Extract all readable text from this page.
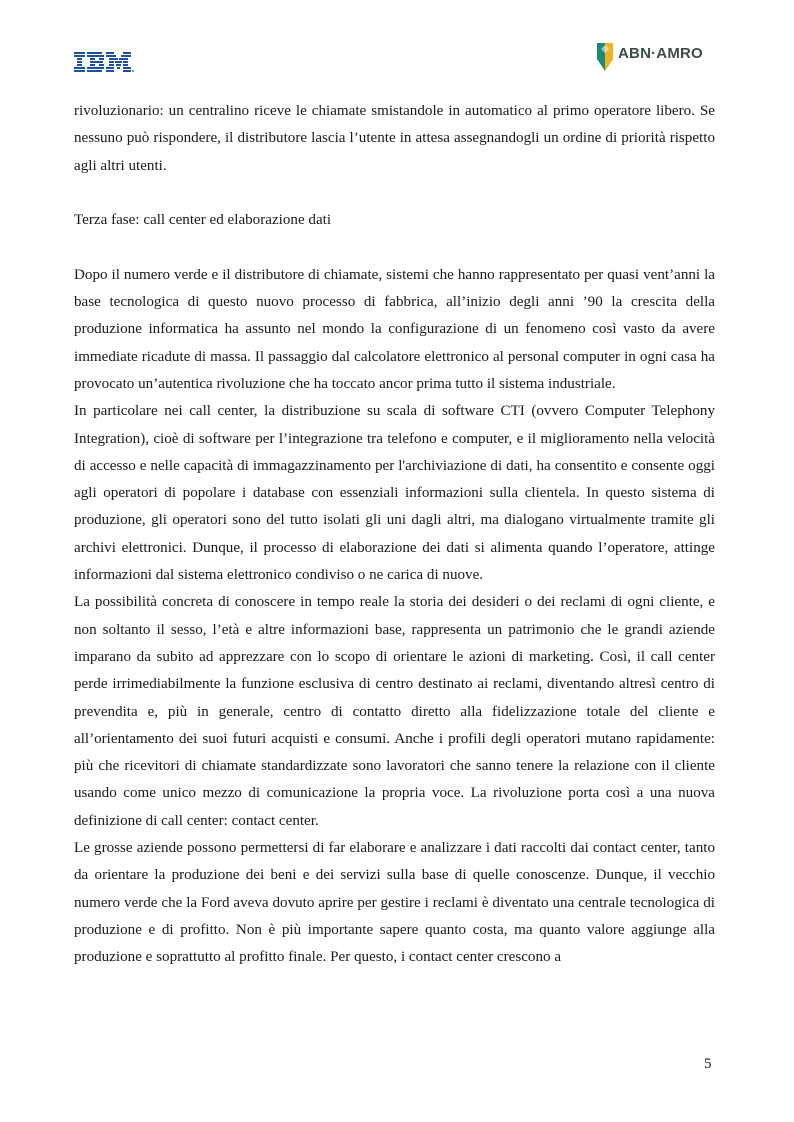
ABN·AMRO

rivoluzionario: un centralino riceve le chiamate smistandole in automatico al primo operatore libero. Se nessuno può rispondere, il distributore lascia l’utente in attesa assegnandogli un ordine di priorità rispetto agli altri utenti.

Terza fase: call center ed elaborazione dati

Dopo il numero verde e il distributore di chiamate, sistemi che hanno rappresentato per quasi vent’anni la base tecnologica di questo nuovo processo di fabbrica, all’inizio degli anni ’90 la crescita della produzione informatica ha assunto nel mondo la configurazione di un fenomeno così vasto da avere immediate ricadute di massa. Il passaggio dal calcolatore elettronico al personal computer in ogni casa ha provocato un’autentica rivoluzione che ha toccato ancor prima tutto il sistema industriale.

In particolare nei call center, la distribuzione su scala di software CTI (ovvero Computer Telephony Integration), cioè di software per l’integrazione tra telefono e computer, e il miglioramento nella velocità di accesso e nelle capacità di immagazzinamento per l'archiviazione di dati, ha consentito e consente oggi agli operatori di popolare i database con essenziali informazioni sulla clientela. In questo sistema di produzione, gli operatori sono del tutto isolati gli uni dagli altri, ma dialogano virtualmente tramite gli archivi elettronici. Dunque, il processo di elaborazione dei dati si alimenta quando l’operatore, attinge informazioni dal sistema elettronico condiviso o ne carica di nuove.

La possibilità concreta di conoscere in tempo reale la storia dei desideri o dei reclami di ogni cliente, e non soltanto il sesso, l’età e altre informazioni base, rappresenta un patrimonio che le grandi aziende imparano da subito ad apprezzare con lo scopo di orientare le azioni di marketing. Così, il call center perde irrimediabilmente la funzione esclusiva di centro destinato ai reclami, diventando altresì centro di prevendita e, più in generale, centro di contatto diretto alla fidelizzazione totale del cliente e all’orientamento dei suoi futuri acquisti e consumi. Anche i profili degli operatori mutano rapidamente: più che ricevitori di chiamate standardizzate sono lavoratori che sanno tenere la relazione con il cliente usando come unico mezzo di comunicazione la propria voce. La rivoluzione porta così a una nuova definizione di call center: contact center.

Le grosse aziende possono permettersi di far elaborare e analizzare i dati raccolti dai contact center, tanto da orientare la produzione dei beni e dei servizi sulla base di quelle conoscenze. Dunque, il vecchio numero verde che la Ford aveva dovuto aprire per gestire i reclami è diventato una centrale tecnologica di produzione e di profitto. Non è più importante sapere quanto costa, ma quanto valore aggiunge alla produzione e soprattutto al profitto finale. Per questo, i contact center crescono a

5
